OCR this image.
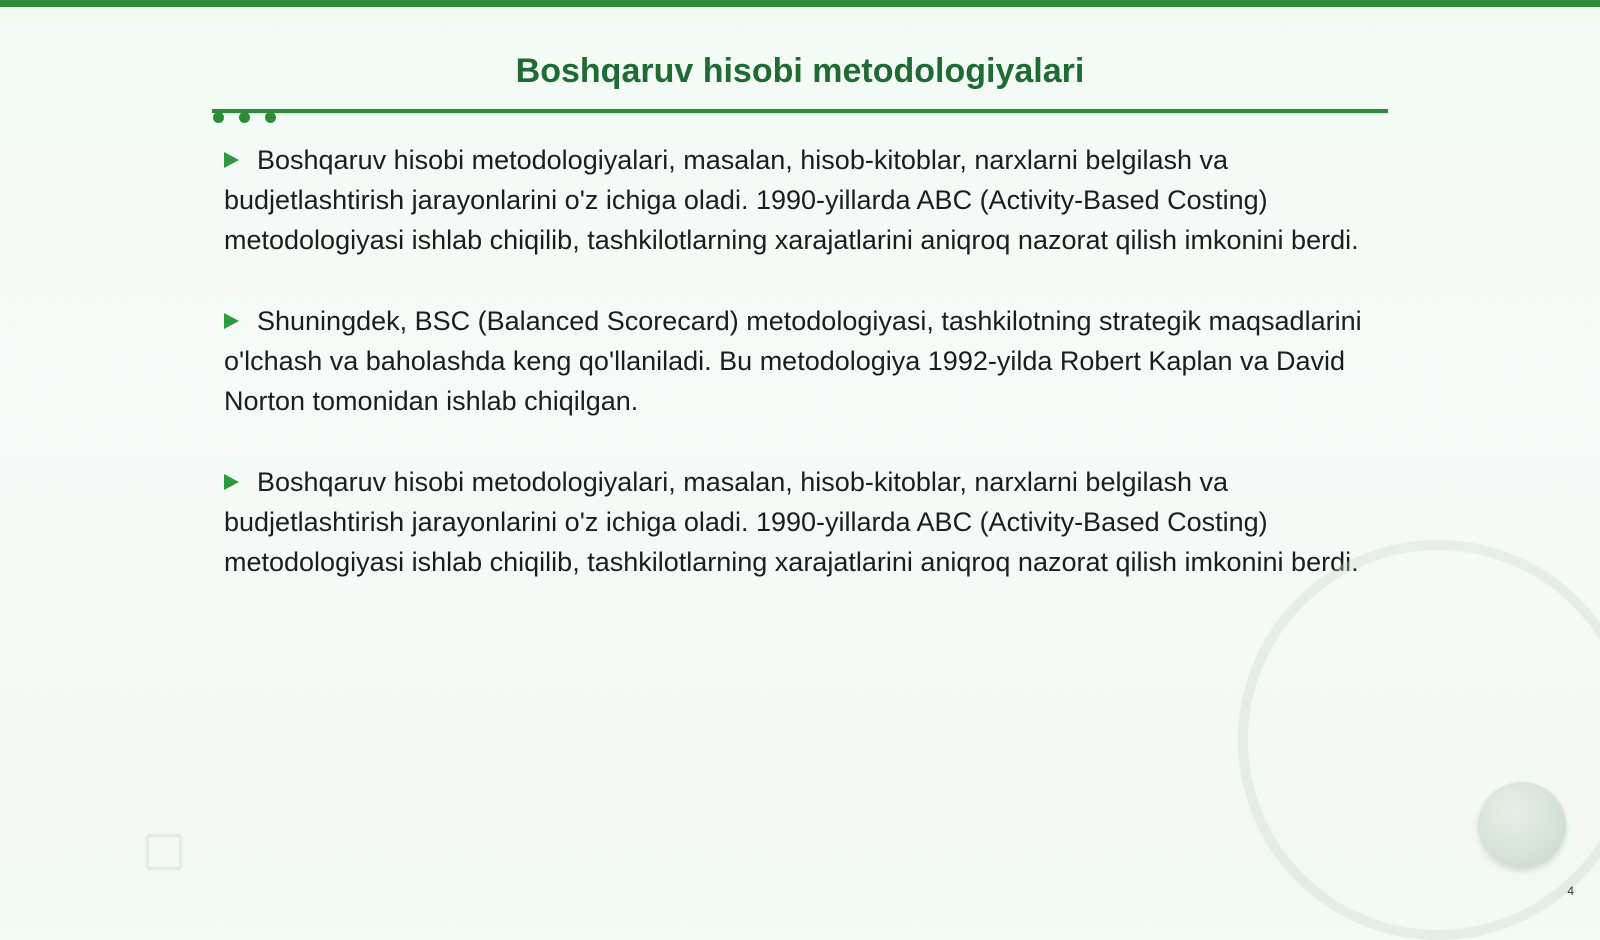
Boshqaruv hisobi metodologiyalari

Boshqaruv hisobi metodologiyalari, masalan, hisob-kitoblar, narxlarni belgilash va budjetlashtirish jarayonlarini o'z ichiga oladi. 1990-yillarda ABC (Activity-Based Costing) metodologiyasi ishlab chiqilib, tashkilotlarning xarajatlarini aniqroq nazorat qilish imkonini berdi.

Shuningdek, BSC (Balanced Scorecard) metodologiyasi, tashkilotning strategik maqsadlarini o'lchash va baholashda keng qo'llaniladi. Bu metodologiya 1992-yilda Robert Kaplan va David Norton tomonidan ishlab chiqilgan.

Boshqaruv hisobi metodologiyalari, masalan, hisob-kitoblar, narxlarni belgilash va budjetlashtirish jarayonlarini o'z ichiga oladi. 1990-yillarda ABC (Activity-Based Costing) metodologiyasi ishlab chiqilib, tashkilotlarning xarajatlarini aniqroq nazorat qilish imkonini berdi.

4
